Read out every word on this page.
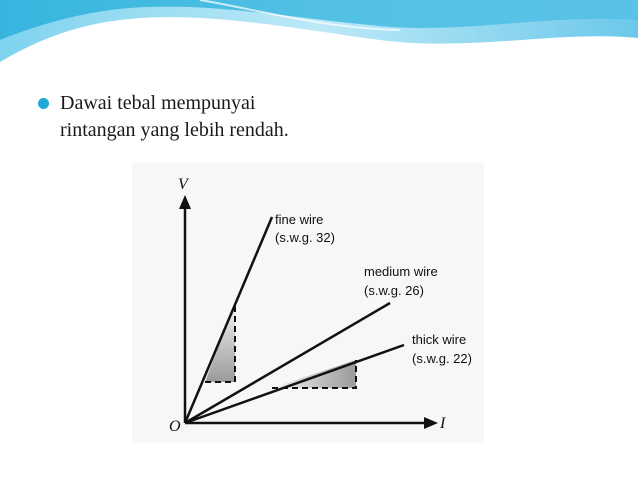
Dawai tebal mempunyai
rintangan yang lebih rendah.
V
I
O
fine wire
(s.w.g. 32)
medium wire
(s.w.g. 26)
thick wire
(s.w.g. 22)
